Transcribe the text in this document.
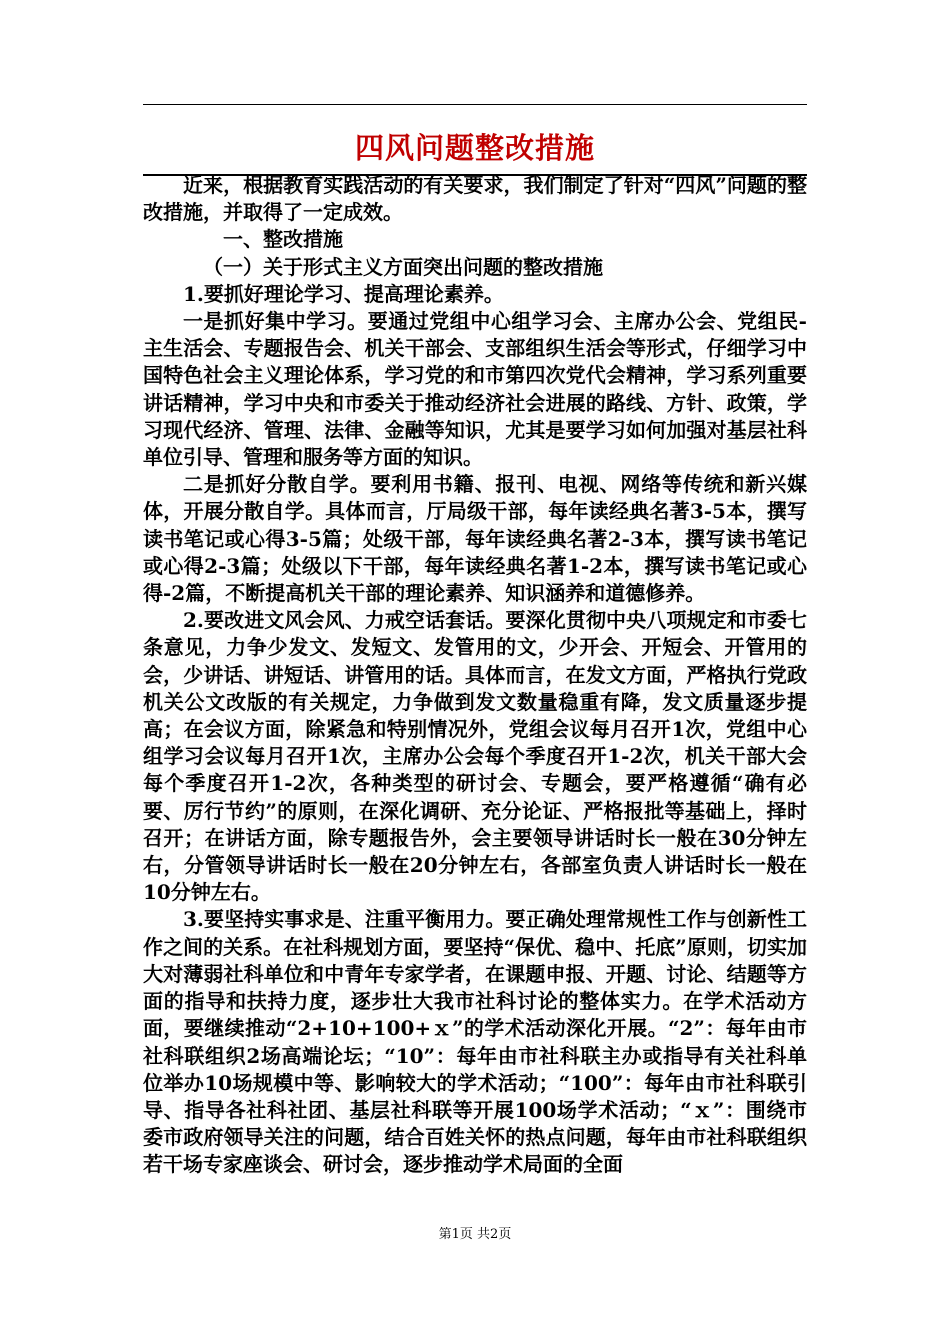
四风问题整改措施

近来，根据教育实践活动的有关要求，我们制定了针对“四风”问题的整改措施，并取得了一定成效。

一、整改措施

（一）关于形式主义方面突出问题的整改措施

1.要抓好理论学习、提高理论素养。

一是抓好集中学习。要通过党组中心组学习会、主席办公会、党组民-主生活会、专题报告会、机关干部会、支部组织生活会等形式，仔细学习中国特色社会主义理论体系，学习党的和市第四次党代会精神，学习系列重要讲话精神，学习中央和市委关于推动经济社会进展的路线、方针、政策，学习现代经济、管理、法律、金融等知识，尤其是要学习如何加强对基层社科单位引导、管理和服务等方面的知识。

二是抓好分散自学。要利用书籍、报刊、电视、网络等传统和新兴媒体，开展分散自学。具体而言，厅局级干部，每年读经典名著3-5本，撰写读书笔记或心得3-5篇；处级干部，每年读经典名著2-3本，撰写读书笔记或心得2-3篇；处级以下干部，每年读经典名著1-2本，撰写读书笔记或心得-2篇，不断提高机关干部的理论素养、知识涵养和道德修养。

2.要改进文风会风、力戒空话套话。要深化贯彻中央八项规定和市委七条意见，力争少发文、发短文、发管用的文，少开会、开短会、开管用的会，少讲话、讲短话、讲管用的话。具体而言，在发文方面，严格执行党政机关公文改版的有关规定，力争做到发文数量稳重有降，发文质量逐步提高；在会议方面，除紧急和特别情况外，党组会议每月召开1次，党组中心组学习会议每月召开1次，主席办公会每个季度召开1-2次，机关干部大会每个季度召开1-2次，各种类型的研讨会、专题会，要严格遵循“确有必要、厉行节约”的原则，在深化调研、充分论证、严格报批等基础上，择时召开；在讲话方面，除专题报告外，会主要领导讲话时长一般在30分钟左右，分管领导讲话时长一般在20分钟左右，各部室负责人讲话时长一般在10分钟左右。

3.要坚持实事求是、注重平衡用力。要正确处理常规性工作与创新性工作之间的关系。在社科规划方面，要坚持“保优、稳中、托底”原则，切实加大对薄弱社科单位和中青年专家学者，在课题申报、开题、讨论、结题等方面的指导和扶持力度，逐步壮大我市社科讨论的整体实力。在学术活动方面，要继续推动“2+10+100+ｘ”的学术活动深化开展。“2”：每年由市社科联组织2场高端论坛；“10”：每年由市社科联主办或指导有关社科单位举办10场规模中等、影响较大的学术活动；“100”：每年由市社科联引导、指导各社科社团、基层社科联等开展100场学术活动；“ｘ”：围绕市委市政府领导关注的问题，结合百姓关怀的热点问题，每年由市社科联组织若干场专家座谈会、研讨会，逐步推动学术局面的全面

第1页 共2页
